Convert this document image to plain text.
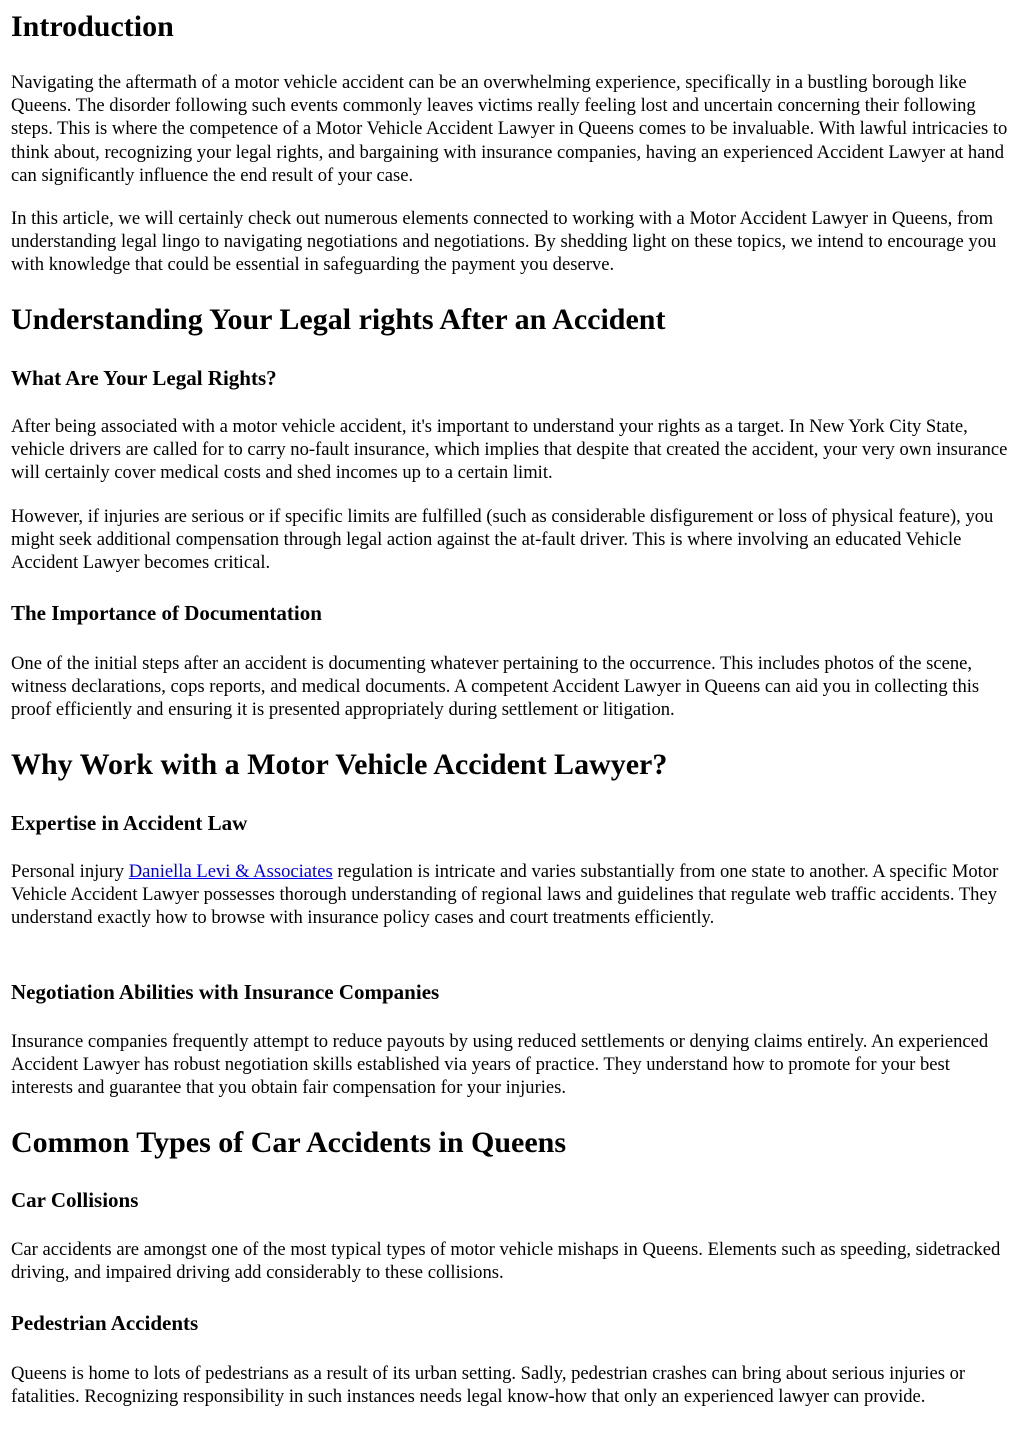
Introduction

Navigating the aftermath of a motor vehicle accident can be an overwhelming experience, specifically in a bustling borough like Queens. The disorder following such events commonly leaves victims really feeling lost and uncertain concerning their following steps. This is where the competence of a Motor Vehicle Accident Lawyer in Queens comes to be invaluable. With lawful intricacies to think about, recognizing your legal rights, and bargaining with insurance companies, having an experienced Accident Lawyer at hand can significantly influence the end result of your case.

In this article, we will certainly check out numerous elements connected to working with a Motor Accident Lawyer in Queens, from understanding legal lingo to navigating negotiations and negotiations. By shedding light on these topics, we intend to encourage you with knowledge that could be essential in safeguarding the payment you deserve.

Understanding Your Legal rights After an Accident
What Are Your Legal Rights?

After being associated with a motor vehicle accident, it's important to understand your rights as a target. In New York City State, vehicle drivers are called for to carry no-fault insurance, which implies that despite that created the accident, your very own insurance will certainly cover medical costs and shed incomes up to a certain limit.

However, if injuries are serious or if specific limits are fulfilled (such as considerable disfigurement or loss of physical feature), you might seek additional compensation through legal action against the at-fault driver. This is where involving an educated Vehicle Accident Lawyer becomes critical.

The Importance of Documentation

One of the initial steps after an accident is documenting whatever pertaining to the occurrence. This includes photos of the scene, witness declarations, cops reports, and medical documents. A competent Accident Lawyer in Queens can aid you in collecting this proof efficiently and ensuring it is presented appropriately during settlement or litigation.

Why Work with a Motor Vehicle Accident Lawyer?
Expertise in Accident Law

Personal injury Daniella Levi & Associates regulation is intricate and varies substantially from one state to another. A specific Motor Vehicle Accident Lawyer possesses thorough understanding of regional laws and guidelines that regulate web traffic accidents. They understand exactly how to browse with insurance policy cases and court treatments efficiently.

Negotiation Abilities with Insurance Companies

Insurance companies frequently attempt to reduce payouts by using reduced settlements or denying claims entirely. An experienced Accident Lawyer has robust negotiation skills established via years of practice. They understand how to promote for your best interests and guarantee that you obtain fair compensation for your injuries.

Common Types of Car Accidents in Queens
Car Collisions

Car accidents are amongst one of the most typical types of motor vehicle mishaps in Queens. Elements such as speeding, sidetracked driving, and impaired driving add considerably to these collisions.

Pedestrian Accidents

Queens is home to lots of pedestrians as a result of its urban setting. Sadly, pedestrian crashes can bring about serious injuries or fatalities. Recognizing responsibility in such instances needs legal know-how that only an experienced lawyer can provide.
